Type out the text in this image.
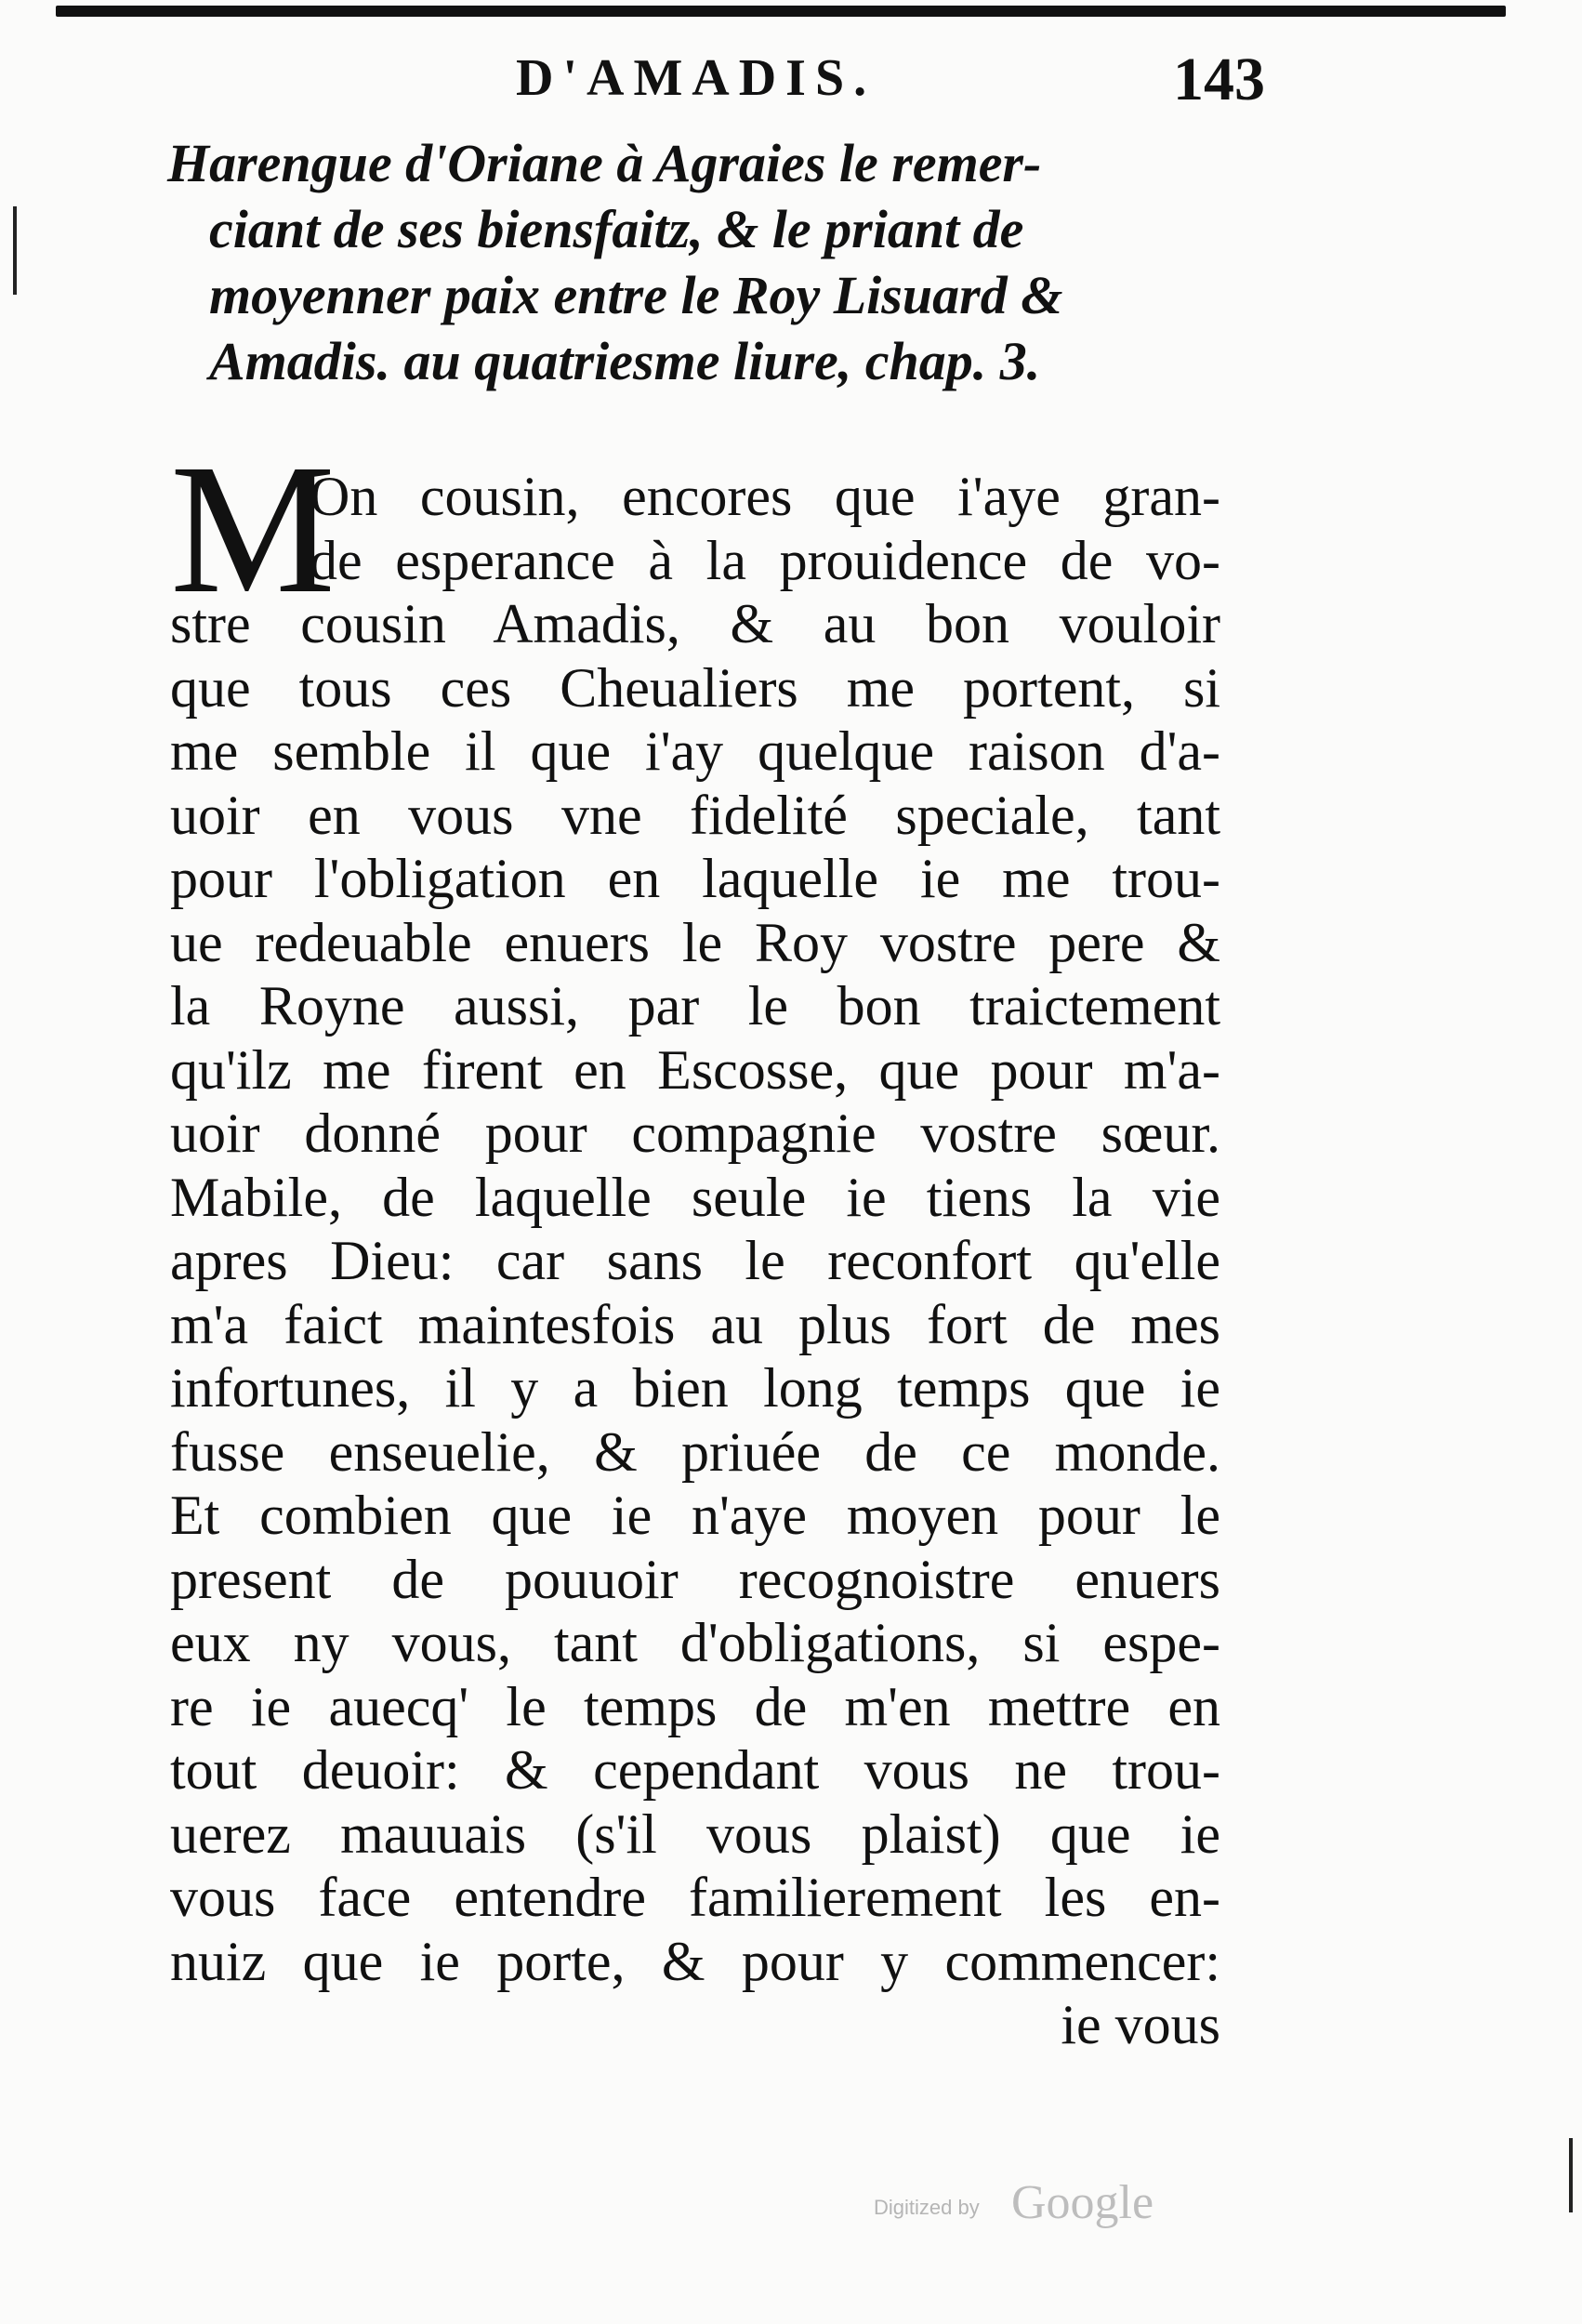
D'AMADIS.	143
Harengue d'Oriane à Agraies le remer-
ciant de ses biensfaitz, & le priant de
moyenner paix entre le Roy Lisuard &
Amadis. au quatriesme liure, chap. 3.
M
On cousin, encores que i'aye gran-
de esperance à la prouidence de vo-
stre cousin Amadis, & au bon vouloir
que tous ces Cheualiers me portent, si
me semble il que i'ay quelque raison d'a-
uoir en vous vne fidelité speciale, tant
pour l'obligation en laquelle ie me trou-
ue redeuable enuers le Roy vostre pere &
la Royne aussi, par le bon traictement
qu'ilz me firent en Escosse, que pour m'a-
uoir donné pour compagnie vostre sœur.
Mabile, de laquelle seule ie tiens la vie
apres Dieu: car sans le reconfort qu'elle
m'a faict maintesfois au plus fort de mes
infortunes, il y a bien long temps que ie
fusse enseuelie, & priuée de ce monde.
Et combien que ie n'aye moyen pour le
present de pouuoir recognoistre enuers
eux ny vous, tant d'obligations, si espe-
re ie auecq' le temps de m'en mettre en
tout deuoir: & cependant vous ne trou-
uerez mauuais (s'il vous plaist) que ie
vous face entendre familierement les en-
nuiz que ie porte, & pour y commencer:
ie vous
Digitized by Google
